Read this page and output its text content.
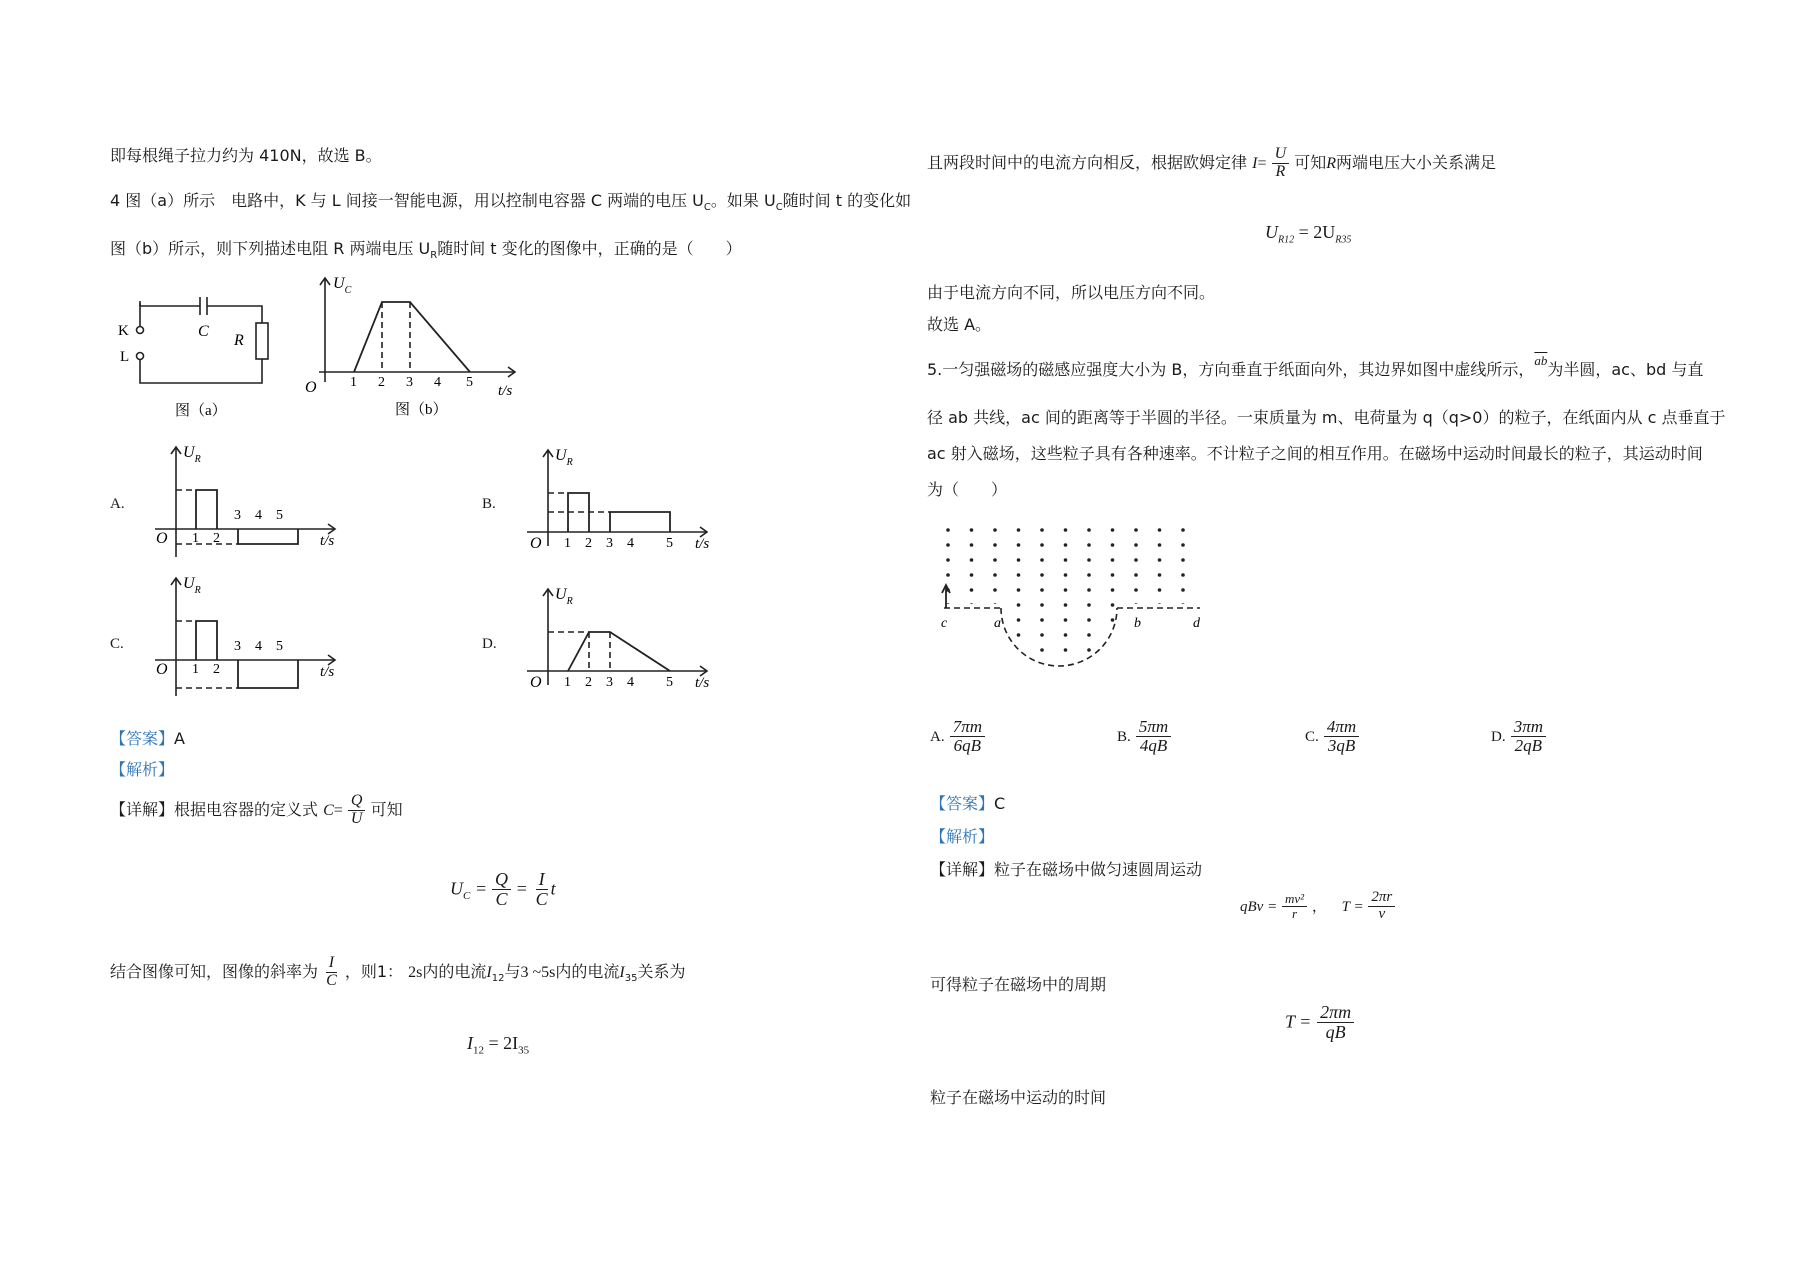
即每根绳子拉力约为 410N，故选 B。
4 图（a）所示　电路中，K 与 L 间接一智能电源，用以控制电容器 C 两端的电压 $U_C$。如果 $U_C$随时间 t 的变化如
图（b）所示，则下列描述电阻 R 两端电压 $U_R$随时间 t 变化的图像中，正确的是（　　）
K
L
C
R
图（a）
$U_C$
O	t/s
1 2 3 4 5
图（b）
A.
$U_R$
O	t/s
1 2
3 4 5
B.
$U_R$
O	t/s
1 2 3 4 5
C.
$U_R$
O	t/s
1 2
3 4 5	D.
$U_R$
O	t/s
1 2 3 4 5
【答案】A
【解析】
【详解】根据电容器的定义式 $C= \frac{Q}{U}$ 可知
$U_C = \frac{Q}{C} = \frac{I}{C}$ t
结合图像可知，图像的斜率为 $\frac{I}{C}$ ，则1： 2s内的电流$I_{12}$与3 ~5s内的电流$I_{35}$关系为
$I_{12} = 2I_{35}$
且两段时间中的电流方向相反，根据欧姆定律 $I= \frac{U}{R}$ 可知R两端电压大小关系满足
$U_{R12} = 2U_{R35}$
由于电流方向不同，所以电压方向不同。
故选 A。
5.一匀强磁场的磁感应强度大小为 B，方向垂直于纸面向外，其边界如图中虚线所示，$^{\overline{ab}}$为半圆，ac、bd 与直
径 ab 共线，ac 间的距离等于半圆的半径。一束质量为 m、电荷量为 q（q>0）的粒子，在纸面内从 c 点垂直于
ac 射入磁场，这些粒子具有各种速率。不计粒子之间的相互作用。在磁场中运动时间最长的粒子，其运动时间
为（　　）
c	a	b	d
A. $\frac{7\pi m}{6qB}$	B. $\frac{5\pi m}{4qB}$	C. $\frac{4\pi m}{3qB}$	D. $\frac{3\pi m}{2qB}$
【答案】C
【解析】
【详解】粒子在磁场中做匀速圆周运动
qBv = $\frac{\text{mv²}}{r}$ ， $T = \frac{2\pi r}{v}$
可得粒子在磁场中的周期
$T = \frac{2\pi m}{qB}$
粒子在磁场中运动的时间
